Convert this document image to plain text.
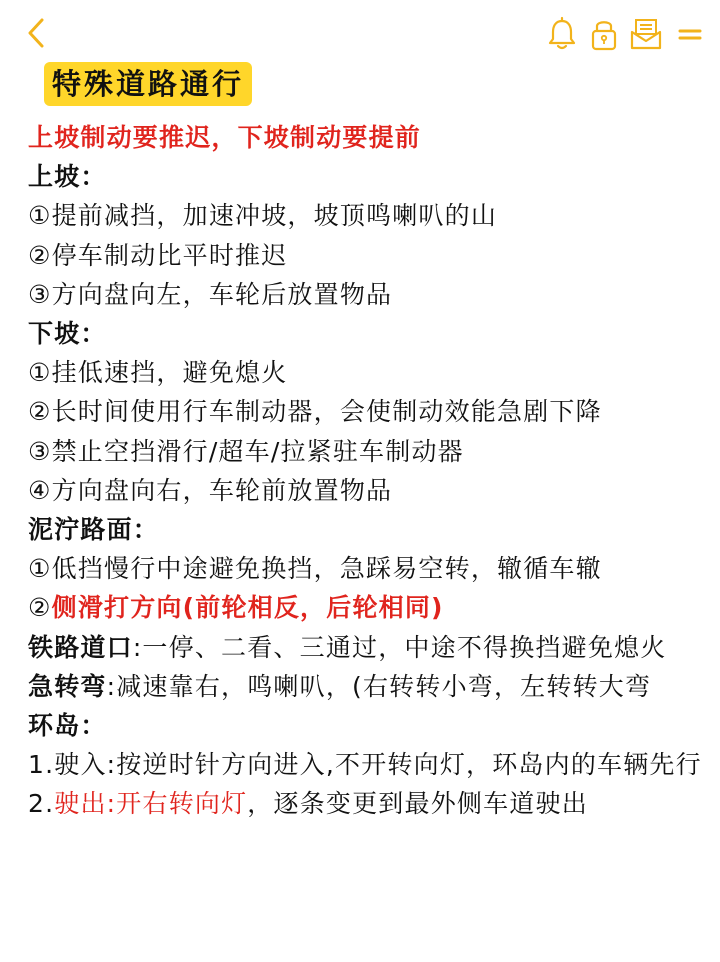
特殊道路通行
上坡制动要推迟，下坡制动要提前
上坡：
①提前减挡，加速冲坡，坡顶鸣喇叭的山
②停车制动比平时推迟
③方向盘向左，车轮后放置物品
下坡：
①挂低速挡，避免熄火
②长时间使用行车制动器，会使制动效能急剧下降
③禁止空挡滑行/超车/拉紧驻车制动器
④方向盘向右，车轮前放置物品
泥泞路面：
①低挡慢行中途避免换挡，急踩易空转，辙循车辙
②侧滑打方向(前轮相反，后轮相同)
铁路道口:一停、二看、三通过，中途不得换挡避免熄火
急转弯:减速靠右，鸣喇叭，(右转转小弯，左转转大弯
环岛：
1.驶入:按逆时针方向进入,不开转向灯，环岛内的车辆先行
2.驶出:开右转向灯，逐条变更到最外侧车道驶出
